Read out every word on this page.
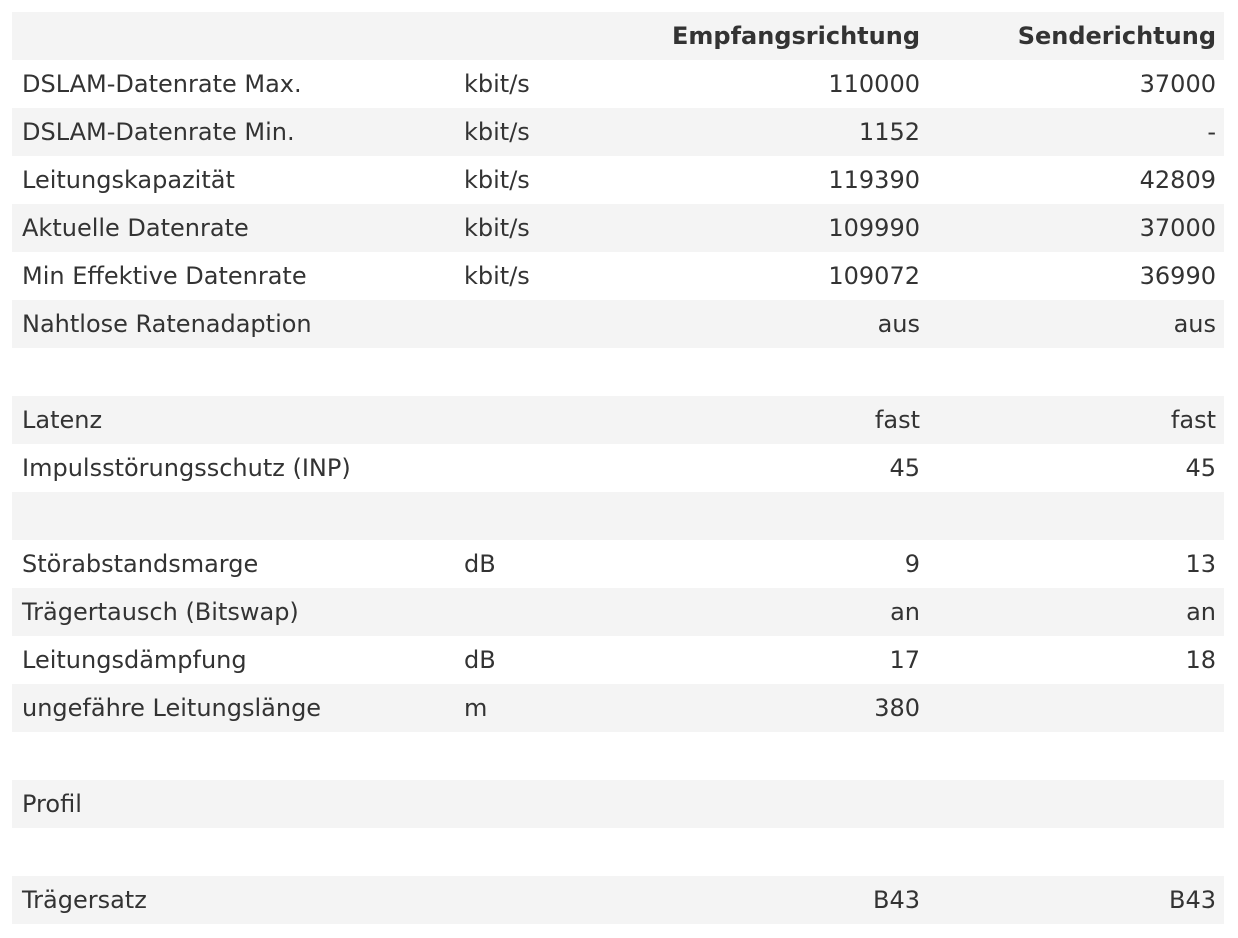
		Empfangsrichtung	Senderichtung
DSLAM-Datenrate Max.	kbit/s	110000	37000
DSLAM-Datenrate Min.	kbit/s	1152	-
Leitungskapazität	kbit/s	119390	42809
Aktuelle Datenrate	kbit/s	109990	37000
Min Effektive Datenrate	kbit/s	109072	36990
Nahtlose Ratenadaption		aus	aus

Latenz		fast	fast
Impulsstörungsschutz (INP)		45	45

Störabstandsmarge	dB	9	13
Trägertausch (Bitswap)		an	an
Leitungsdämpfung	dB	17	18
ungefähre Leitungslänge	m	380	

Profil			

Trägersatz		B43	B43
